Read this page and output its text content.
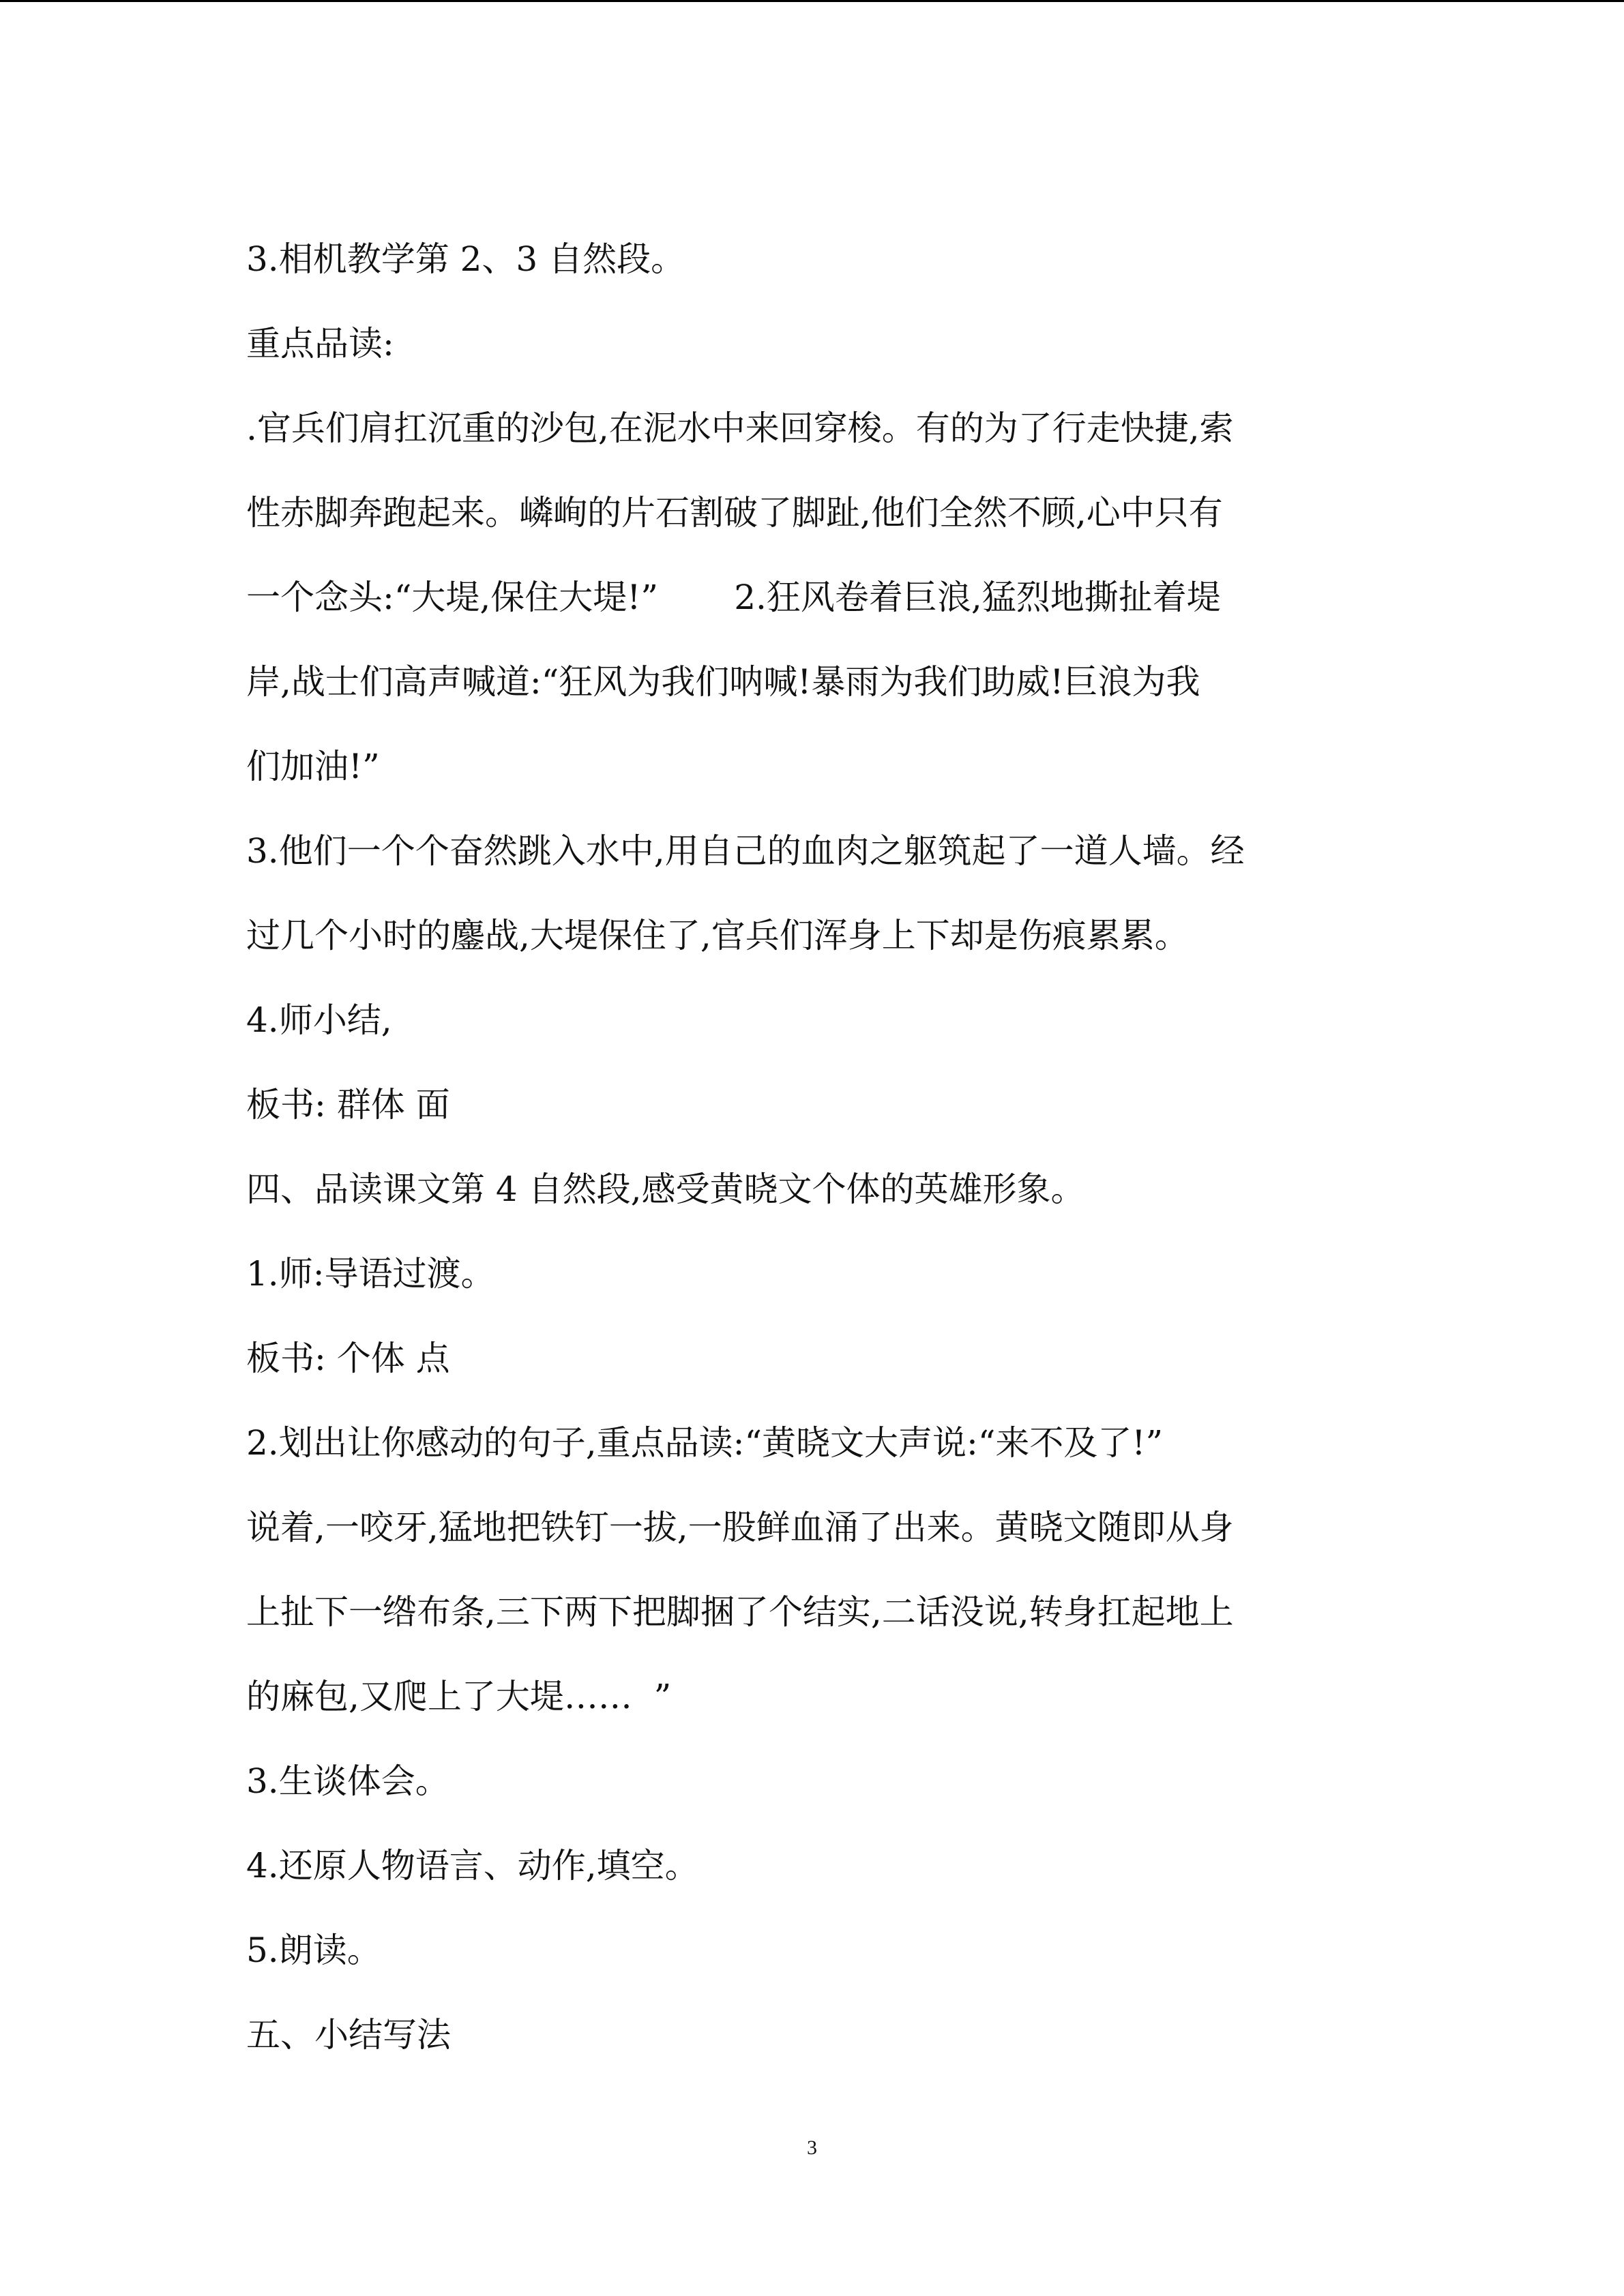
3.相机教学第 2、3 自然段。
重点品读:
.官兵们肩扛沉重的沙包,在泥水中来回穿梭。有的为了行走快捷,索
性赤脚奔跑起来。嶙峋的片石割破了脚趾,他们全然不顾,心中只有
一个念头:“大堤,保住大堤!”       2.狂风卷着巨浪,猛烈地撕扯着堤
岸,战士们高声喊道:“狂风为我们呐喊!暴雨为我们助威!巨浪为我
们加油!”
3.他们一个个奋然跳入水中,用自己的血肉之躯筑起了一道人墙。经
过几个小时的鏖战,大堤保住了,官兵们浑身上下却是伤痕累累。
4.师小结,
板书: 群体 面
四、品读课文第 4 自然段,感受黄晓文个体的英雄形象。
1.师:导语过渡。
板书: 个体 点
2.划出让你感动的句子,重点品读:“黄晓文大声说:“来不及了!”
说着,一咬牙,猛地把铁钉一拔,一股鲜血涌了出来。黄晓文随即从身
上扯下一绺布条,三下两下把脚捆了个结实,二话没说,转身扛起地上
的麻包,又爬上了大堤……  ”
3.生谈体会。
4.还原人物语言、动作,填空。
5.朗读。
五、小结写法
3
